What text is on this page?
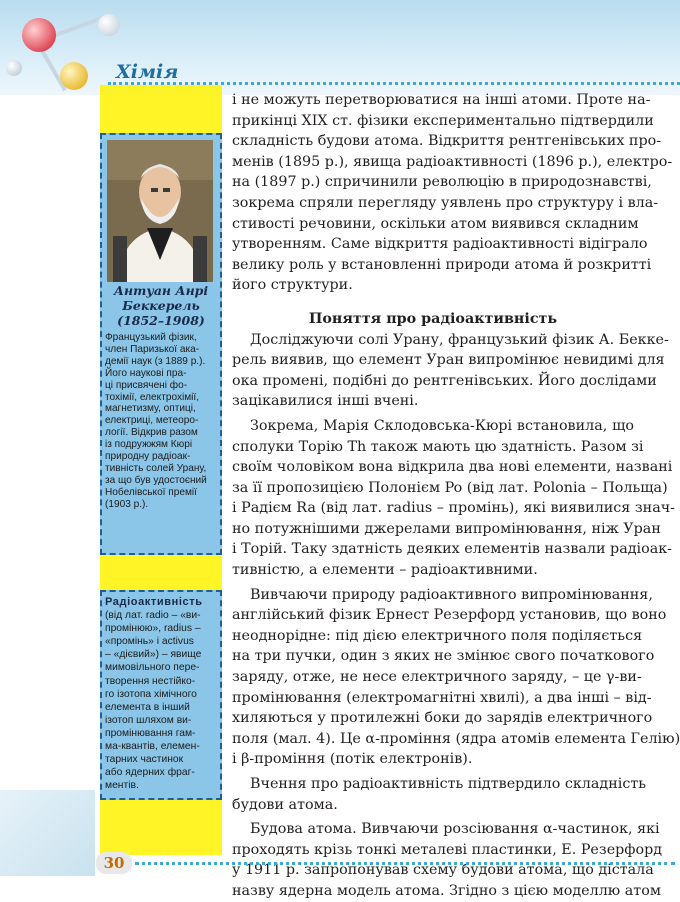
Хімія
Антуан Анрі
Беккерель
(1852–1908)
Французький фізик,
член Паризької ака-
демії наук (з 1889 р.).
Його наукові пра-
ці присвячені фо-
тохімії, електрохімії,
магнетизму, оптиці,
електриці, метеоро-
логії. Відкрив разом
із подружжям Кюрі
природну радіоак-
тивність солей Урану,
за що був удостоєний
Нобелівської премії
(1903 р.).
Радіоактивність
(від лат. radio – «ви-
промінюю», radius –
«промінь» і activus
– «дієвий») – явище
мимовільного пере-
творення нестійко-
го ізотопа хімічного
елемента в інший
ізотоп шляхом ви-
промінювання гам-
ма-квантів, елемен-
тарних частинок
або ядерних фраг-
ментів.
і не можуть перетворюватися на інші атоми. Проте на-
прикінці XIX ст. фізики експериментально підтвердили
складність будови атома. Відкриття рентгенівських про-
менів (1895 р.), явища радіоактивності (1896 р.), електро-
на (1897 р.) спричинили революцію в природознавстві,
зокрема спряли перегляду уявлень про структуру і вла-
стивості речовини, оскільки атом виявився складним
утворенням. Саме відкриття радіоактивності відіграло
велику роль у встановленні природи атома й розкритті
його структури.
Поняття про радіоактивність
Досліджуючи солі Урану, французький фізик А. Бекке-
рель виявив, що елемент Уран випромінює невидимі для
ока промені, подібні до рентгенівських. Його дослідами
зацікавилися інші вчені.
Зокрема, Марія Склодовська-Кюрі встановила, що
сполуки Торію Th також мають цю здатність. Разом зі
своїм чоловіком вона відкрила два нові елементи, названі
за її пропозицією Полонієм Po (від лат. Polonia – Польща)
і Радієм Ra (від лат. radius – промінь), які виявилися знач-
но потужнішими джерелами випромінювання, ніж Уран
і Торій. Таку здатність деяких елементів назвали радіоак-
тивністю, а елементи – радіоактивними.
Вивчаючи природу радіоактивного випромінювання,
англійський фізик Ернест Резерфорд установив, що воно
неоднорідне: під дією електричного поля поділяється
на три пучки, один з яких не змінює свого початкового
заряду, отже, не несе електричного заряду, – це γ-ви-
промінювання (електромагнітні хвилі), а два інші – від-
хиляються у протилежні боки до зарядів електричного
поля (мал. 4). Це α-проміння (ядра атомів елемента Гелію)
і β-проміння (потік електронів).
Вчення про радіоактивність підтвердило складність
будови атома.
Будова атома. Вивчаючи розсіювання α-частинок, які
проходять крізь тонкі металеві пластинки, Е. Резерфорд
у 1911 р. запропонував схему будови атома, що дістала
назву ядерна модель атома. Згідно з цією моделлю атом
30
